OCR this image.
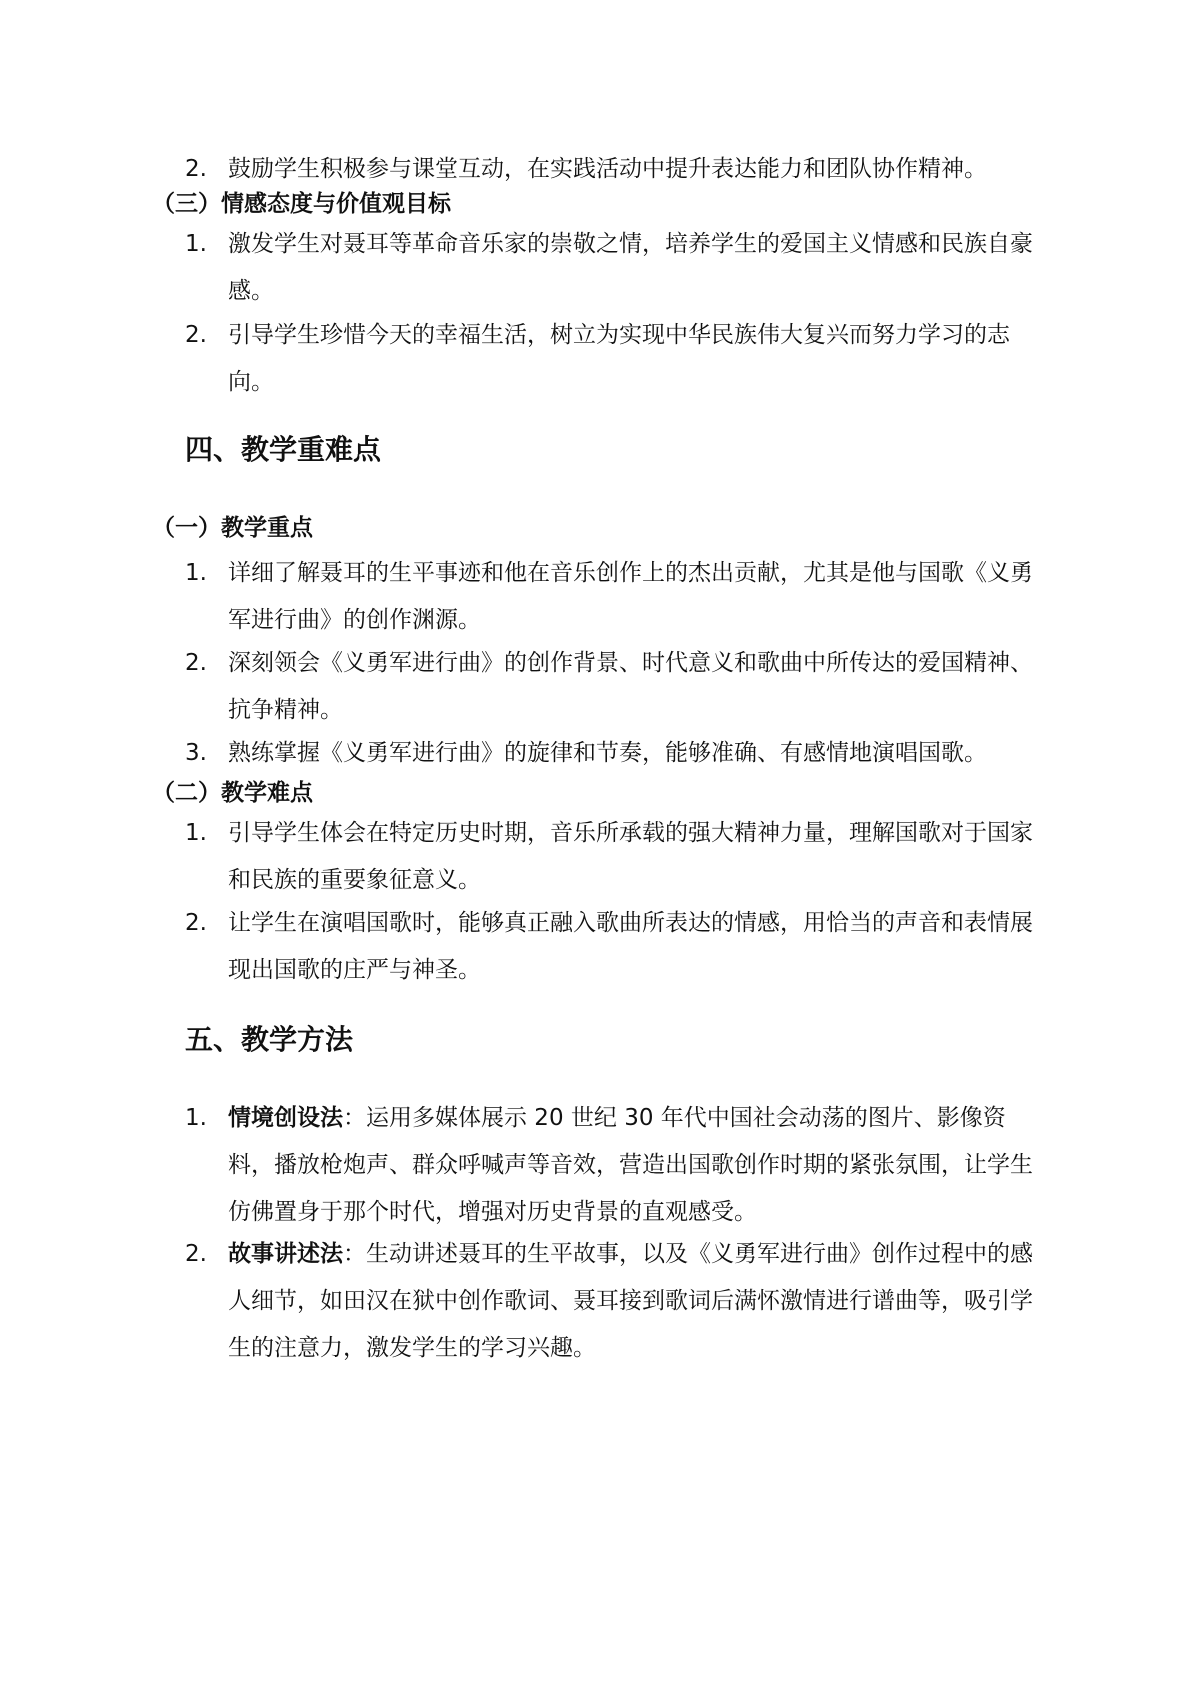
2. 鼓励学生积极参与课堂互动，在实践活动中提升表达能力和团队协作精神。
（三）情感态度与价值观目标
1. 激发学生对聂耳等革命音乐家的崇敬之情，培养学生的爱国主义情感和民族自豪感。
2. 引导学生珍惜今天的幸福生活，树立为实现中华民族伟大复兴而努力学习的志向。
四、教学重难点
（一）教学重点
1. 详细了解聂耳的生平事迹和他在音乐创作上的杰出贡献，尤其是他与国歌《义勇军进行曲》的创作渊源。
2. 深刻领会《义勇军进行曲》的创作背景、时代意义和歌曲中所传达的爱国精神、抗争精神。
3. 熟练掌握《义勇军进行曲》的旋律和节奏，能够准确、有感情地演唱国歌。
（二）教学难点
1. 引导学生体会在特定历史时期，音乐所承载的强大精神力量，理解国歌对于国家和民族的重要象征意义。
2. 让学生在演唱国歌时，能够真正融入歌曲所表达的情感，用恰当的声音和表情展现出国歌的庄严与神圣。
五、教学方法
1. 情境创设法：运用多媒体展示 20 世纪 30 年代中国社会动荡的图片、影像资料，播放枪炮声、群众呼喊声等音效，营造出国歌创作时期的紧张氛围，让学生仿佛置身于那个时代，增强对历史背景的直观感受。
2. 故事讲述法：生动讲述聂耳的生平故事，以及《义勇军进行曲》创作过程中的感人细节，如田汉在狱中创作歌词、聂耳接到歌词后满怀激情进行谱曲等，吸引学生的注意力，激发学生的学习兴趣。
